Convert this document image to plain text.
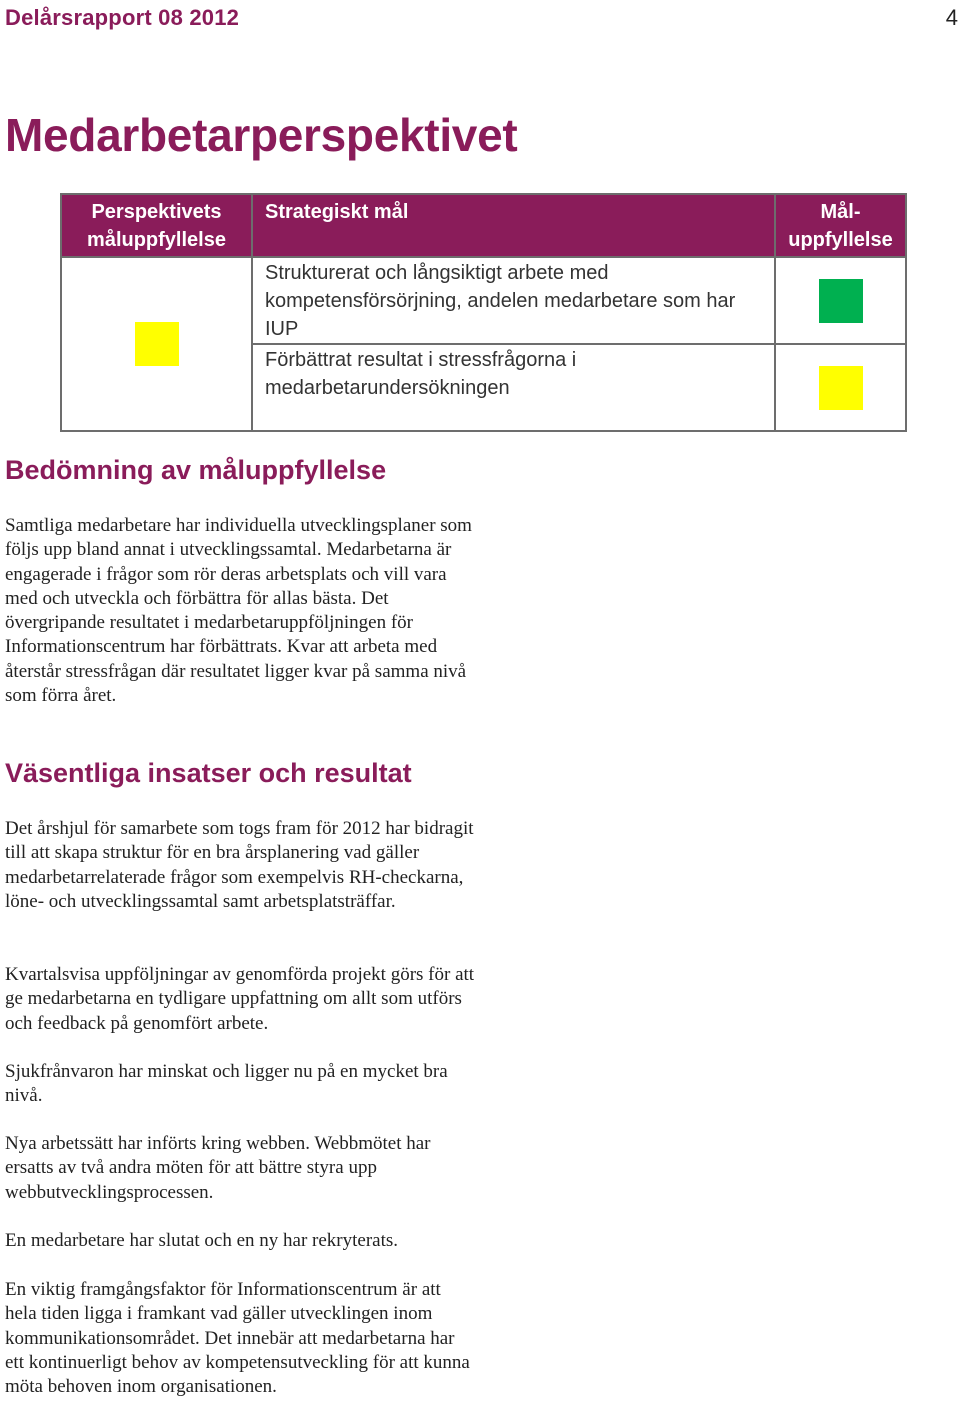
Delårsrapport 08 2012	4
Medarbetarperspektivet
Perspektivets måluppfyllelse	Strategiskt mål	Mål-uppfyllelse

	Strukturerat och långsiktigt arbete med kompetensförsörjning, andelen medarbetare som har IUP	

	Förbättrat resultat i stressfrågorna i medarbetarundersökningen	
Bedömning av måluppfyllelse

Samtliga medarbetare har individuella utvecklingsplaner som följs upp bland annat i utvecklingssamtal. Medarbetarna är engagerade i frågor som rör deras arbetsplats och vill vara med och utveckla och förbättra för allas bästa. Det övergripande resultatet i medarbetaruppföljningen för Informationscentrum har förbättrats. Kvar att arbeta med återstår stressfrågan där resultatet ligger kvar på samma nivå som förra året.

Väsentliga insatser och resultat

Det årshjul för samarbete som togs fram för 2012 har bidragit till att skapa struktur för en bra årsplanering vad gäller medarbetarrelaterade frågor som exempelvis RH-checkarna, löne- och utvecklingssamtal samt arbetsplatsträffar.

Kvartalsvisa uppföljningar av genomförda projekt görs för att ge medarbetarna en tydligare uppfattning om allt som utförs och feedback på genomfört arbete.

Sjukfrånvaron har minskat och ligger nu på en mycket bra nivå.

Nya arbetssätt har införts kring webben. Webbmötet har ersatts av två andra möten för att bättre styra upp webbutvecklingsprocessen.

En medarbetare har slutat och en ny har rekryterats.

En viktig framgångsfaktor för Informationscentrum är att hela tiden ligga i framkant vad gäller utvecklingen inom kommunikationsområdet. Det innebär att medarbetarna har ett kontinuerligt behov av kompetensutveckling för att kunna möta behoven inom organisationen.
